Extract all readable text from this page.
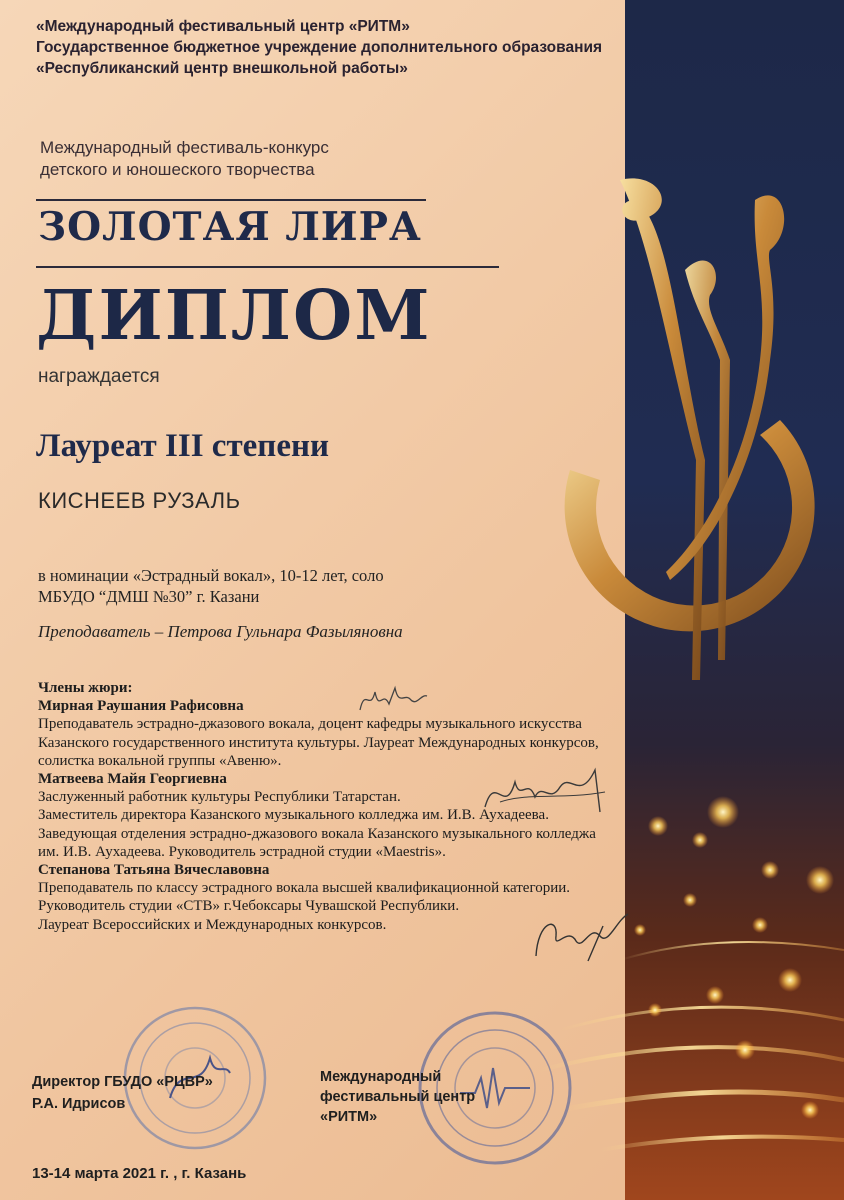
«Международный фестивальный центр «РИТМ»
Государственное бюджетное учреждение дополнительного образования
«Республиканский центр внешкольной работы»
Международный фестиваль-конкурс
детского и юношеского творчества
ЗОЛОТАЯ ЛИРА
ДИПЛОМ
награждается
Лауреат III степени
КИСНЕЕВ РУЗАЛЬ
в номинации «Эстрадный вокал», 10-12 лет, соло
МБУДО “ДМШ №30” г. Казани
Преподаватель – Петрова Гульнара Фазыляновна
Члены жюри:
Мирная Раушания Рафисовна
Преподаватель эстрадно-джазового вокала, доцент кафедры музыкального искусства
Казанского государственного института культуры. Лауреат Международных конкурсов,
солистка вокальной группы «Авеню».
Матвеева Майя Георгиевна
Заслуженный работник культуры Республики Татарстан.
Заместитель директора Казанского музыкального колледжа им. И.В. Аухадеева.
Заведующая отделения эстрадно-джазового вокала Казанского музыкального колледжа
им. И.В. Аухадеева. Руководитель эстрадной студии «Maestris».
Степанова Татьяна Вячеславовна
Преподаватель по классу эстрадного вокала высшей квалификационной категории.
Руководитель студии «СТВ» г.Чебоксары Чувашской Республики.
Лауреат Всероссийских и Международных конкурсов.
Директор ГБУДО «РЦВР»
Р.А. Идрисов
Международный
фестивальный центр
«РИТМ»
13-14 марта 2021 г. , г. Казань
